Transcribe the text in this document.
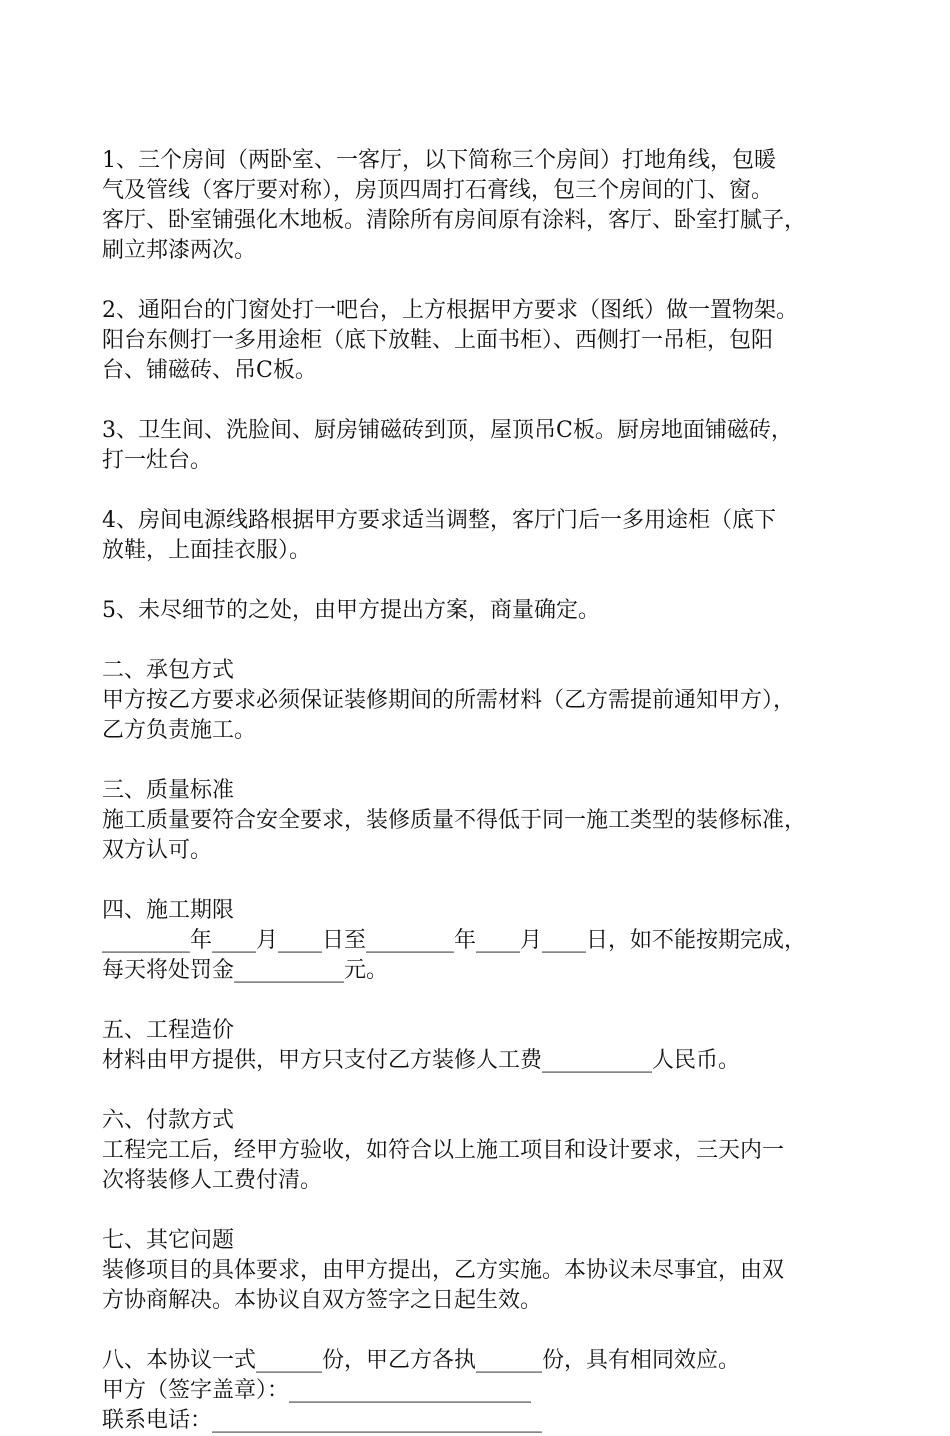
1、三个房间（两卧室、一客厅，以下简称三个房间）打地角线，包暖
气及管线（客厅要对称），房顶四周打石膏线，包三个房间的门、窗。
客厅、卧室铺强化木地板。清除所有房间原有涂料，客厅、卧室打腻子，
刷立邦漆两次。

2、通阳台的门窗处打一吧台，上方根据甲方要求（图纸）做一置物架。
阳台东侧打一多用途柜（底下放鞋、上面书柜）、西侧打一吊柜，包阳
台、铺磁砖、吊C板。

3、卫生间、洗脸间、厨房铺磁砖到顶，屋顶吊C板。厨房地面铺磁砖，
打一灶台。

4、房间电源线路根据甲方要求适当调整，客厅门后一多用途柜（底下
放鞋，上面挂衣服）。

5、未尽细节的之处，由甲方提出方案，商量确定。

二、承包方式
甲方按乙方要求必须保证装修期间的所需材料（乙方需提前通知甲方），
乙方负责施工。

三、质量标准
施工质量要符合安全要求，装修质量不得低于同一施工类型的装修标准，
双方认可。

四、施工期限
________年____月____日至________年____月____日，如不能按期完成，
每天将处罚金__________元。

五、工程造价
材料由甲方提供，甲方只支付乙方装修人工费__________人民币。

六、付款方式
工程完工后，经甲方验收，如符合以上施工项目和设计要求，三天内一
次将装修人工费付清。

七、其它问题
装修项目的具体要求，由甲方提出，乙方实施。本协议未尽事宜，由双
方协商解决。本协议自双方签字之日起生效。

八、本协议一式______份，甲乙方各执______份，具有相同效应。
甲方（签字盖章）：______________________
联系电话：______________________________
